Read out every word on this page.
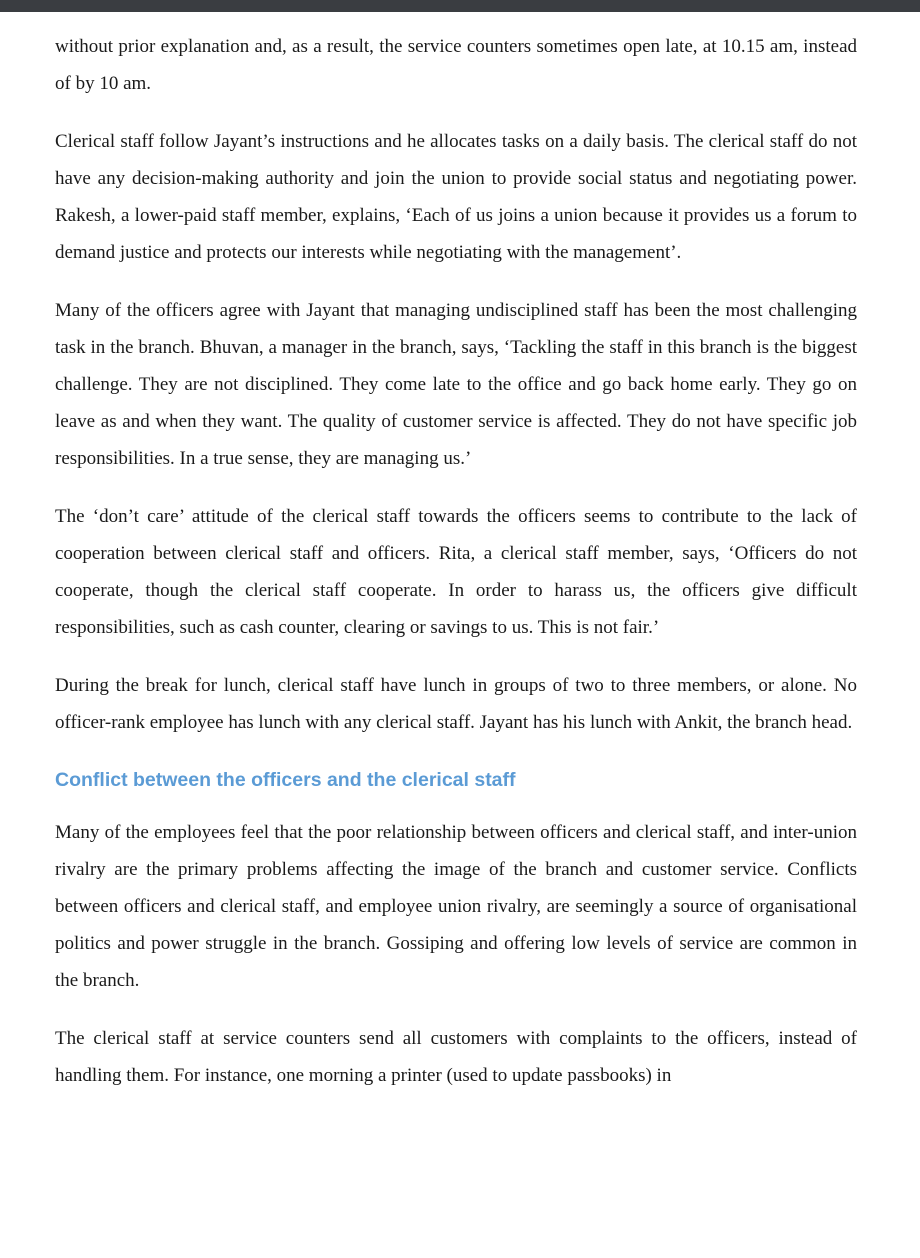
without prior explanation and, as a result, the service counters sometimes open late, at 10.15 am, instead of by 10 am.

Clerical staff follow Jayant’s instructions and he allocates tasks on a daily basis. The clerical staff do not have any decision-making authority and join the union to provide social status and negotiating power. Rakesh, a lower-paid staff member, explains, ‘Each of us joins a union because it provides us a forum to demand justice and protects our interests while negotiating with the management’.

Many of the officers agree with Jayant that managing undisciplined staff has been the most challenging task in the branch. Bhuvan, a manager in the branch, says, ‘Tackling the staff in this branch is the biggest challenge. They are not disciplined. They come late to the office and go back home early. They go on leave as and when they want. The quality of customer service is affected. They do not have specific job responsibilities. In a true sense, they are managing us.’

The ‘don’t care’ attitude of the clerical staff towards the officers seems to contribute to the lack of cooperation between clerical staff and officers. Rita, a clerical staff member, says, ‘Officers do not cooperate, though the clerical staff cooperate. In order to harass us, the officers give difficult responsibilities, such as cash counter, clearing or savings to us. This is not fair.’

During the break for lunch, clerical staff have lunch in groups of two to three members, or alone. No officer-rank employee has lunch with any clerical staff. Jayant has his lunch with Ankit, the branch head.

Conflict between the officers and the clerical staff

Many of the employees feel that the poor relationship between officers and clerical staff, and inter-union rivalry are the primary problems affecting the image of the branch and customer service. Conflicts between officers and clerical staff, and employee union rivalry, are seemingly a source of organisational politics and power struggle in the branch. Gossiping and offering low levels of service are common in the branch.

The clerical staff at service counters send all customers with complaints to the officers, instead of handling them. For instance, one morning a printer (used to update passbooks) in
